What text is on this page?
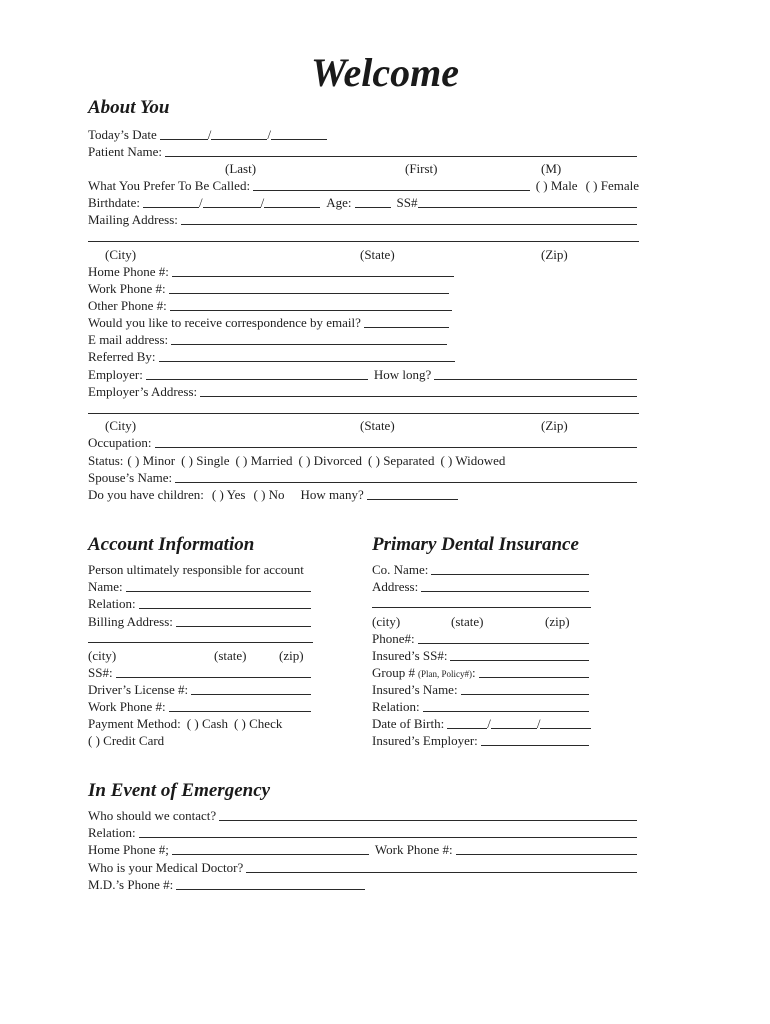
Welcome
About You
Today’s Date	/	/
Patient Name:
(Last)	(First)	(M)
What You Prefer To Be Called:	( ) Male ( ) Female
Birthdate:	/	/	Age:	SS#
Mailing Address:
(City)	(State)	(Zip)
Home Phone #:
Work Phone #:
Other Phone #:
Would you like to receive correspondence by email?
E mail address:
Referred By:
Employer:	How long?
Employer’s Address:
(City)	(State)	(Zip)
Occupation:
Status: ( ) Minor ( ) Single ( ) Married ( ) Divorced ( ) Separated ( ) Widowed
Spouse’s Name:
Do you have children: ( ) Yes ( ) No How many?
Account Information
Person ultimately responsible for account
Name:
Relation:
Billing Address:
(city)	(state)	(zip)
SS#:
Driver’s License #:
Work Phone #:
Payment Method: ( ) Cash ( ) Check
( ) Credit Card
Primary Dental Insurance
Co. Name:
Address:
(city)	(state)	(zip)
Phone#:
Insured’s SS#:
Group # (Plan, Policy#) :
Insured’s Name:
Relation:
Date of Birth:	/	/
Insured’s Employer:
In Event of Emergency
Who should we contact?
Relation:
Home Phone #;	Work Phone #:
Who is your Medical Doctor?
M.D.’s Phone #:
